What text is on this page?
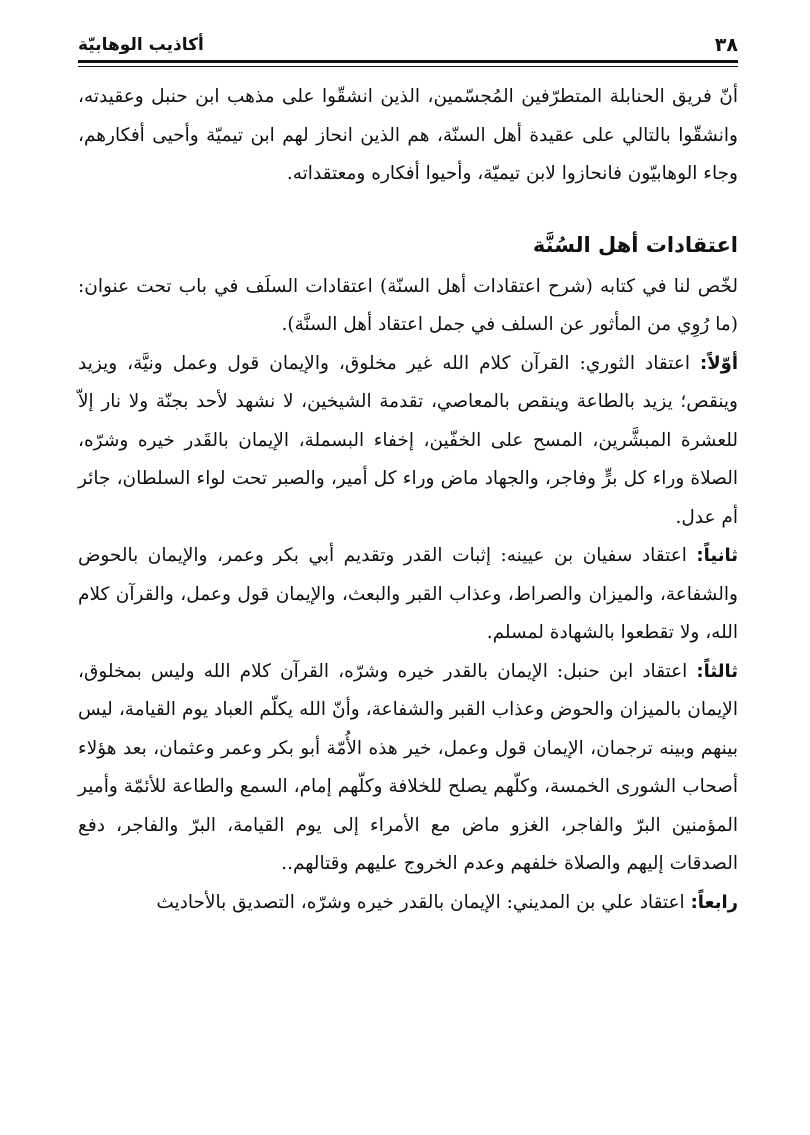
٣٨
أكاذيب الوهابيّة

أنّ فريق الحنابلة المتطرّفين المُجسّمين، الذين انشقّوا على مذهب ابن حنبل وعقيدته، وانشقّوا بالتالي على عقيدة أهل السنّة، هم الذين انحاز لهم ابن تيميّة وأحيى أفكارهم، وجاء الوهابيّون فانحازوا لابن تيميّة، وأحيوا أفكاره ومعتقداته.

اعتقادات أهل السُنَّة

لخّص لنا في كتابه (شرح اعتقادات أهل السنّة) اعتقادات السلَف في باب تحت عنوان: (ما رُوِي من المأثور عن السلف في جمل اعتقاد أهل السنَّة).

أوّلاً: اعتقاد الثوري: القرآن كلام الله غير مخلوق، والإيمان قول وعمل ونيَّة، ويزيد وينقص؛ يزيد بالطاعة وينقص بالمعاصي، تقدمة الشيخين، لا نشهد لأحد بجنّة ولا نار إلاّ للعشرة المبشَّرين، المسح على الخفّين، إخفاء البسملة، الإيمان بالقَدر خيره وشرّه، الصلاة وراء كل برٍّ وفاجر، والجهاد ماض وراء كل أمير، والصبر تحت لواء السلطان، جائر أم عدل.

ثانياً: اعتقاد سفيان بن عيينه: إثبات القدر وتقديم أبي بكر وعمر، والإيمان بالحوض والشفاعة، والميزان والصراط، وعذاب القبر والبعث، والإيمان قول وعمل، والقرآن كلام الله، ولا تقطعوا بالشهادة لمسلم.

ثالثاً: اعتقاد ابن حنبل: الإيمان بالقدر خيره وشرّه، القرآن كلام الله وليس بمخلوق، الإيمان بالميزان والحوض وعذاب القبر والشفاعة، وأنّ الله يكلّم العباد يوم القيامة، ليس بينهم وبينه ترجمان، الإيمان قول وعمل، خير هذه الأُمّة أبو بكر وعمر وعثمان، بعد هؤلاء أصحاب الشورى الخمسة، وكلّهم يصلح للخلافة وكلّهم إمام، السمع والطاعة للأئمّة وأمير المؤمنين البرّ والفاجر، الغزو ماض مع الأمراء إلى يوم القيامة، البرّ والفاجر، دفع الصدقات إليهم والصلاة خلفهم وعدم الخروج عليهم وقتالهم..

رابعاً: اعتقاد علي بن المديني: الإيمان بالقدر خيره وشرّه، التصديق بالأحاديث
